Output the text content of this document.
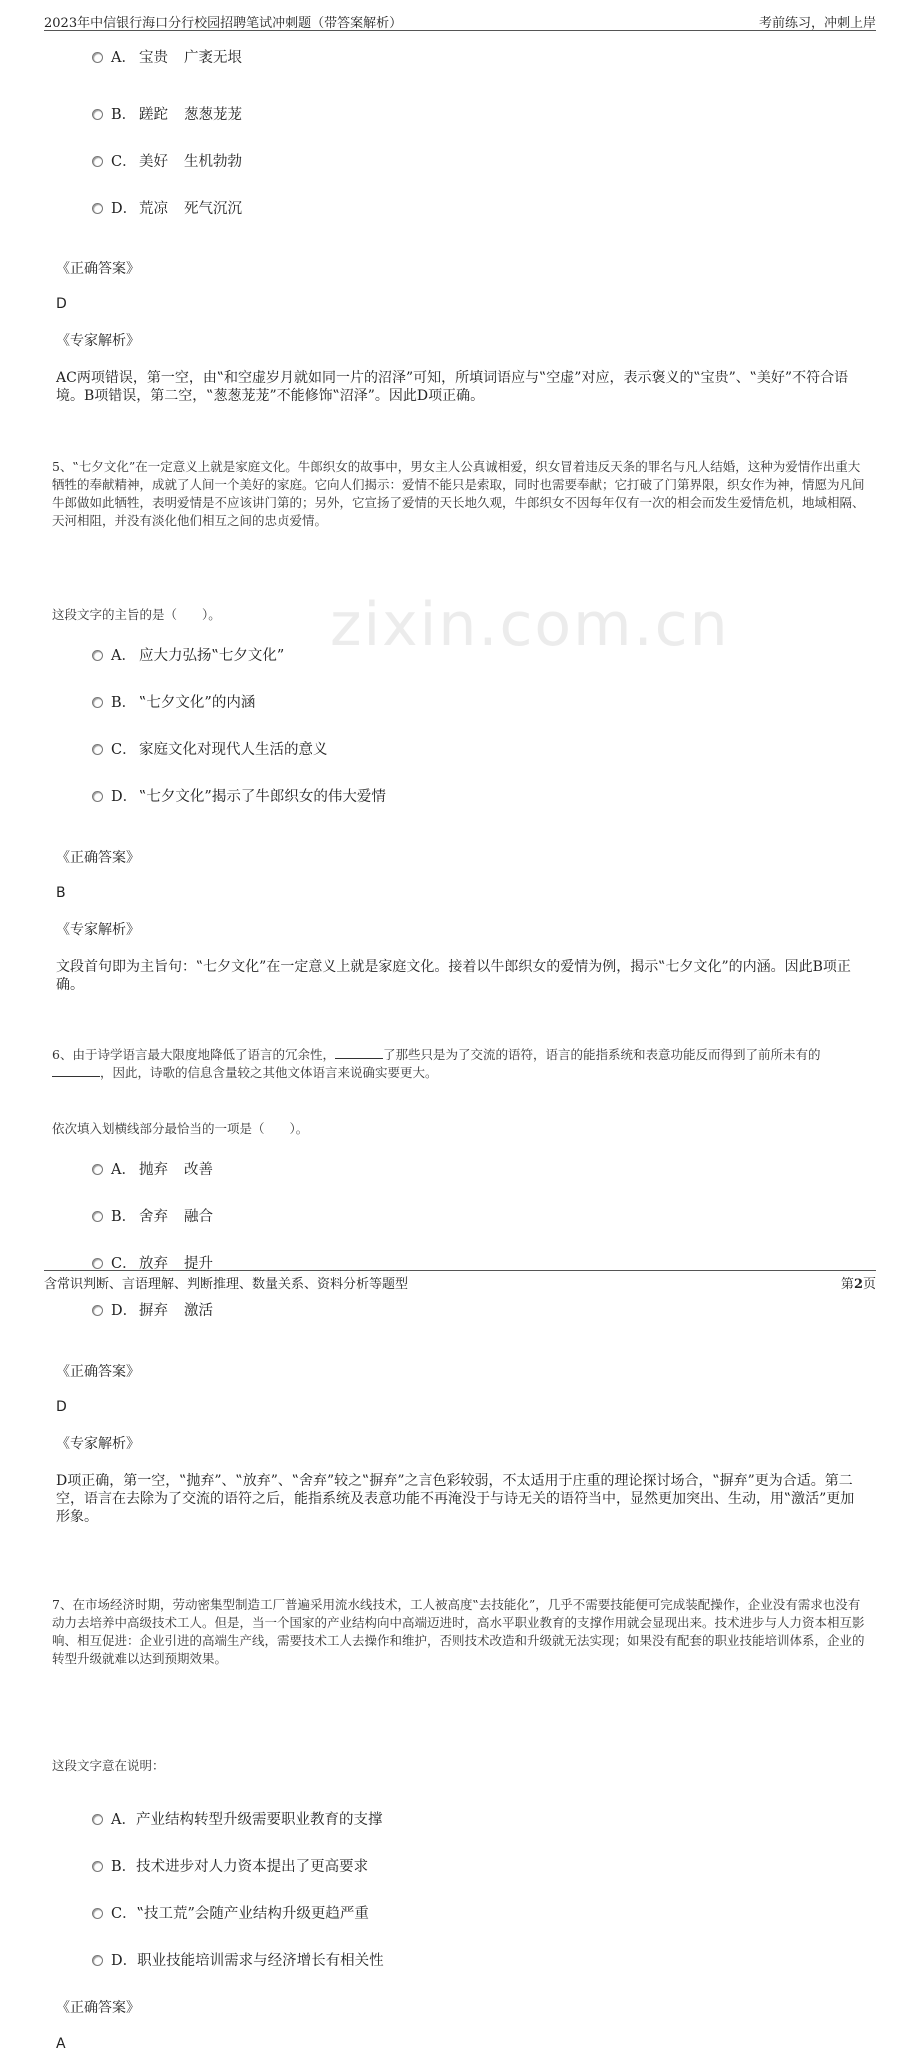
2023年中信银行海口分行校园招聘笔试冲刺题（带答案解析）	考前练习，冲刺上岸
zixin.com.cn
A． 宝贵 广袤无垠
B． 蹉跎 葱葱茏茏
C． 美好 生机勃勃
D． 荒凉 死气沉沉
《正确答案》
D
《专家解析》
AC两项错误，第一空，由‟和空虚岁月就如同一片的沼泽”可知，所填词语应与‟空虚”对应，表示褒义的‟宝贵”、‟美好”不符合语境。B项错误，第二空，‟葱葱茏茏”不能修饰‟沼泽”。因此D项正确。
5、‟七夕文化”在一定意义上就是家庭文化。牛郎织女的故事中，男女主人公真诚相爱，织女冒着违反天条的罪名与凡人结婚，这种为爱情作出重大牺牲的奉献精神，成就了人间一个美好的家庭。它向人们揭示：爱情不能只是索取，同时也需要奉献；它打破了门第界限，织女作为神，情愿为凡间牛郎做如此牺牲，表明爱情是不应该讲门第的；另外，它宣扬了爱情的天长地久观，牛郎织女不因每年仅有一次的相会而发生爱情危机，地域相隔、天河相阻，并没有淡化他们相互之间的忠贞爱情。
这段文字的主旨的是（　　）。
A． 应大力弘扬‟七夕文化”
B． ‟七夕文化”的内涵
C． 家庭文化对现代人生活的意义
D． ‟七夕文化”揭示了牛郎织女的伟大爱情
《正确答案》
B
《专家解析》
文段首句即为主旨句：‟七夕文化”在一定意义上就是家庭文化。接着以牛郎织女的爱情为例，揭示‟七夕文化”的内涵。因此B项正确。
6、由于诗学语言最大限度地降低了语言的冗余性，	了那些只是为了交流的语符，语言的能指系统和表意功能反而得到了前所未有的，因此，诗歌的信息含量较之其他文体语言来说确实要更大。
依次填入划横线部分最恰当的一项是（　　）。
A． 抛弃 改善
B． 舍弃 融合
C． 放弃 提升
D． 摒弃 激活
《正确答案》
D
《专家解析》
D项正确，第一空，‟抛弃”、‟放弃”、‟舍弃”较之‟摒弃”之言色彩较弱，不太适用于庄重的理论探讨场合，‟摒弃”更为合适。第二空，语言在去除为了交流的语符之后，能指系统及表意功能不再淹没于与诗无关的语符当中，显然更加突出、生动，用‟激活”更加形象。
7、在市场经济时期，劳动密集型制造工厂普遍采用流水线技术，工人被高度‟去技能化”，几乎不需要技能便可完成装配操作，企业没有需求也没有动力去培养中高级技术工人。但是，当一个国家的产业结构向中高端迈进时，高水平职业教育的支撑作用就会显现出来。技术进步与人力资本相互影响、相互促进：企业引进的高端生产线，需要技术工人去操作和维护，否则技术改造和升级就无法实现；如果没有配套的职业技能培训体系，企业的转型升级就难以达到预期效果。
这段文字意在说明：
A．产业结构转型升级需要职业教育的支撑
B．技术进步对人力资本提出了更高要求
C．‟技工荒”会随产业结构升级更趋严重
D．职业技能培训需求与经济增长有相关性
《正确答案》
A
含常识判断、言语理解、判断推理、数量关系、资料分析等题型	第2页
